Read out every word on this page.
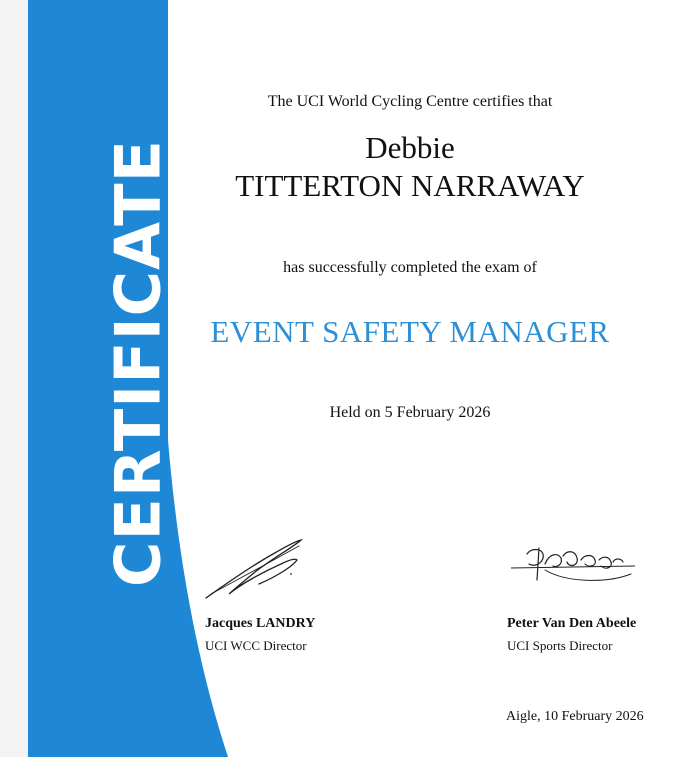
CERTIFICATE
The UCI World Cycling Centre certifies that
Debbie
TITTERTON NARRAWAY
has successfully completed the exam of
EVENT SAFETY MANAGER
Held on 5 February 2026
Jacques LANDRY
UCI WCC Director
Peter Van Den Abeele
UCI Sports Director
Aigle, 10 February 2026
